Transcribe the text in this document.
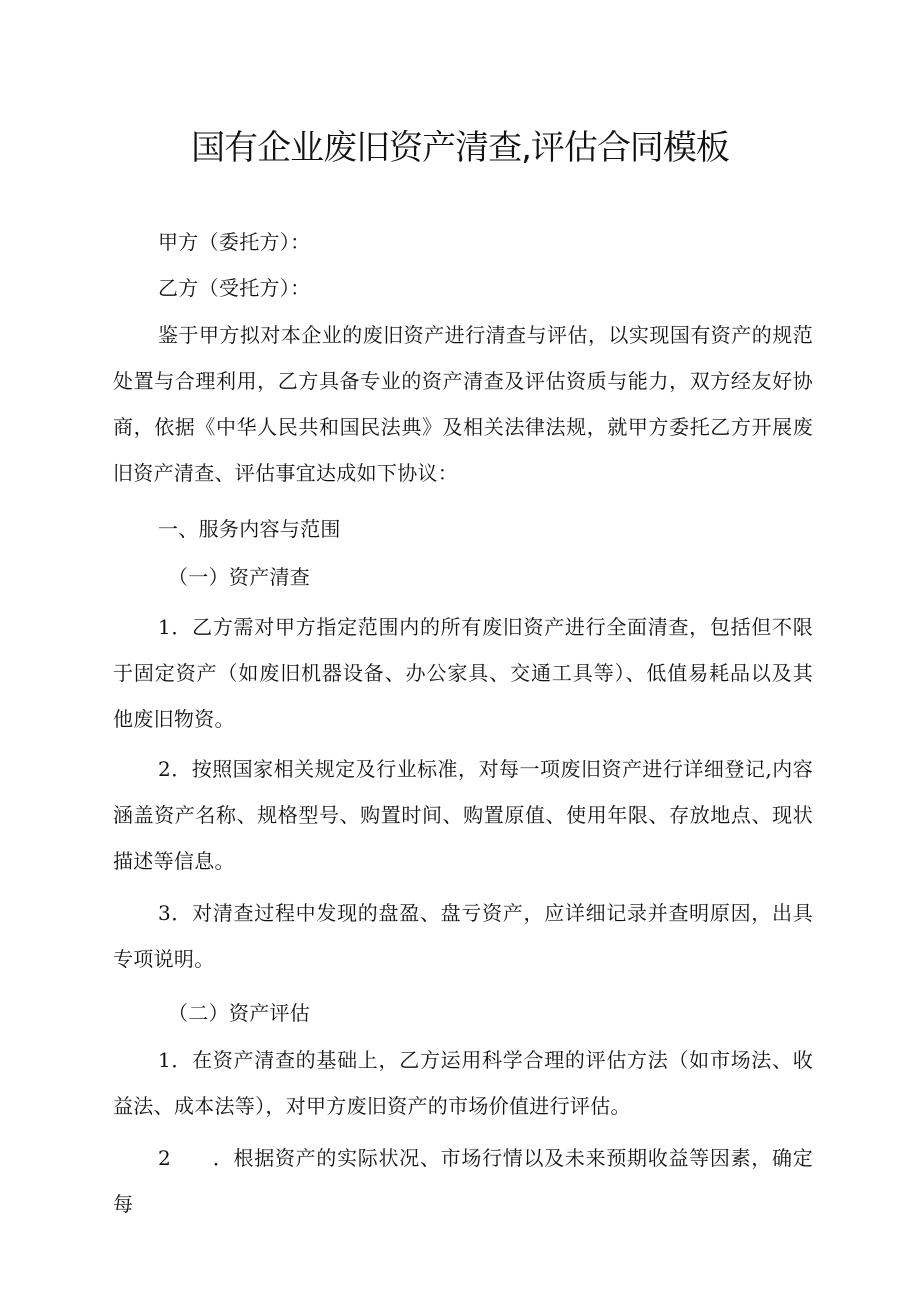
国有企业废旧资产清查,评估合同模板

甲方（委托方）：

乙方（受托方）：

鉴于甲方拟对本企业的废旧资产进行清查与评估，以实现国有资产的规范处置与合理利用，乙方具备专业的资产清查及评估资质与能力，双方经友好协商，依据《中华人民共和国民法典》及相关法律法规，就甲方委托乙方开展废旧资产清查、评估事宜达成如下协议：

一、服务内容与范围

（一）资产清查

1．乙方需对甲方指定范围内的所有废旧资产进行全面清查，包括但不限于固定资产（如废旧机器设备、办公家具、交通工具等）、低值易耗品以及其他废旧物资。

2．按照国家相关规定及行业标准，对每一项废旧资产进行详细登记,内容涵盖资产名称、规格型号、购置时间、购置原值、使用年限、存放地点、现状描述等信息。

3．对清查过程中发现的盘盈、盘亏资产，应详细记录并查明原因，出具专项说明。

（二）资产评估

1．在资产清查的基础上，乙方运用科学合理的评估方法（如市场法、收益法、成本法等），对甲方废旧资产的市场价值进行评估。

2　　．根据资产的实际状况、市场行情以及未来预期收益等因素，确定每
